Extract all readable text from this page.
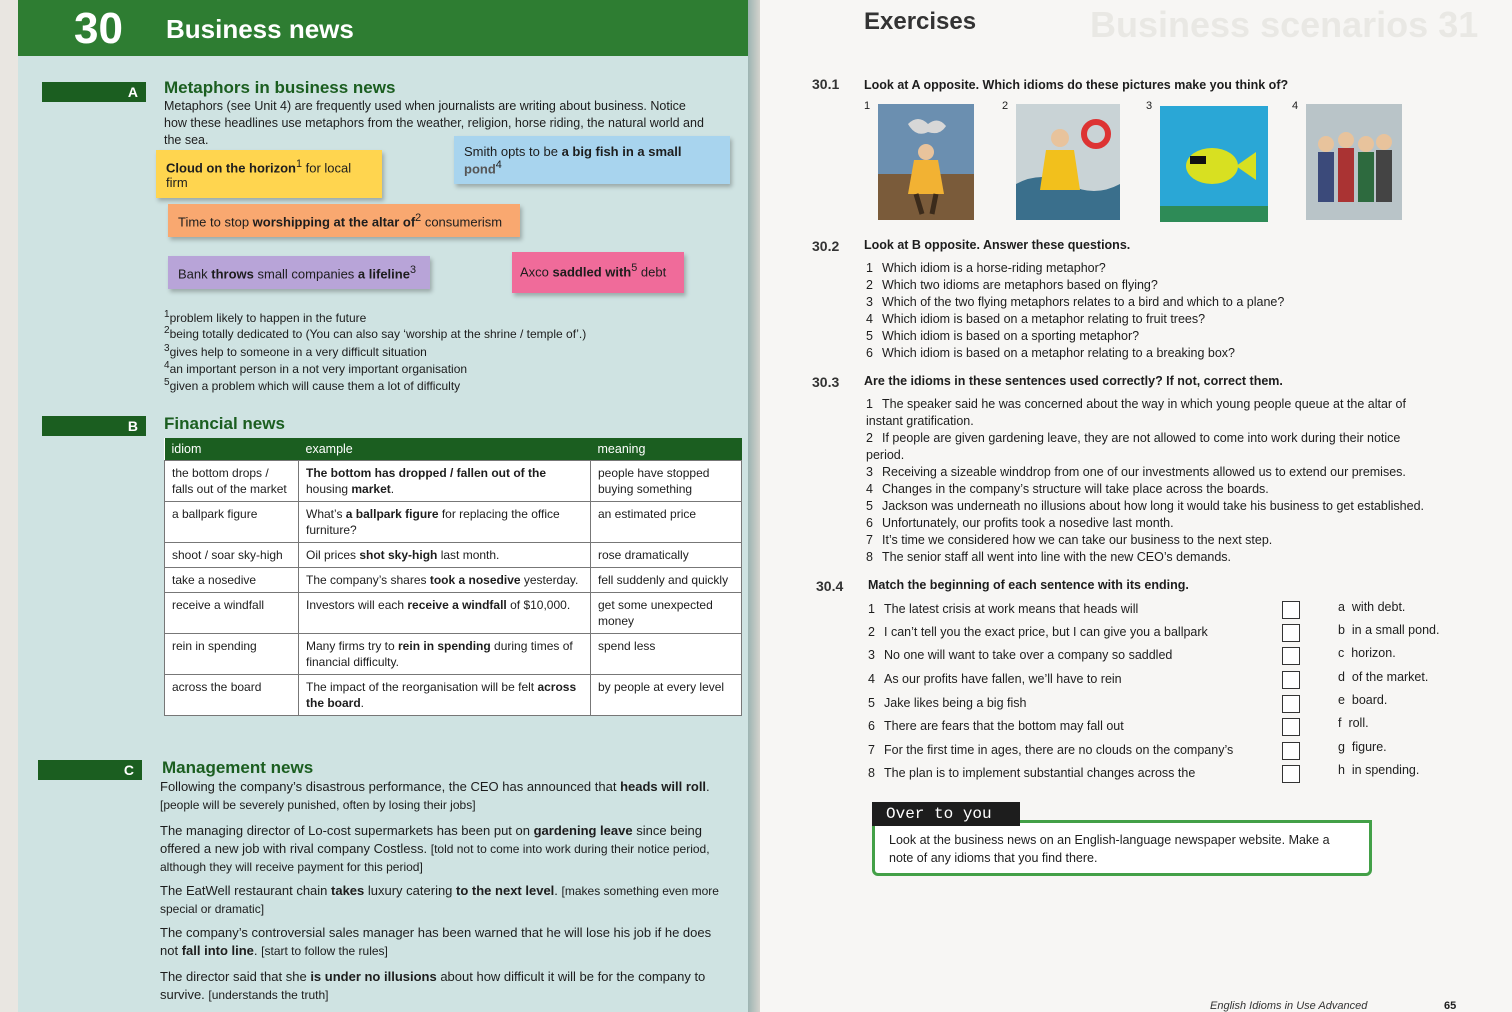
30 Business news
A	Metaphors in business news
Metaphors (see Unit 4) are frequently used when journalists are writing about business. Notice how these headlines use metaphors from the weather, religion, horse riding, the natural world and the sea.
Cloud on the horizon$^1$ for local firm
Smith opts to be a big fish in a small pond$^4$
Time to stop worshipping at the altar $of^2$ consumerism
Bank throws small companies a lifeline$^3$	Axco saddled with$^5$ debt
$^1$problem likely to happen in the future
$^2$being totally dedicated to (You can also say ‘worship at the shrine / temple of’.)
$^3$gives help to someone in a very difficult situation
$^4$an important person in a not very important organisation
$^5$given a problem which will cause them a lot of difficulty
B	Financial news
idiom	example	meaning
the bottom drops / falls out of the market	The bottom has dropped / fallen out of the housing market.	people have stopped buying something
a ballpark figure	What’s a ballpark figure for replacing the office furniture?	an estimated price
shoot / soar sky-high	Oil prices shot sky-high last month.	rose dramatically
take a nosedive	The company’s shares took a nosedive yesterday.	fell suddenly and quickly
receive a windfall	Investors will each receive a windfall of $10,000.	get some unexpected money
rein in spending	Many firms try to rein in spending during times of financial difficulty.	spend less
across the board	The impact of the reorganisation will be felt across the board.	by people at every level
C	Management news
Following the company’s disastrous performance, the CEO has announced that heads will roll. [people will be severely punished, often by losing their jobs]
The managing director of Lo-cost supermarkets has been put on gardening leave since being offered a new job with rival company Costless. [told not to come into work during their notice period, although they will receive payment for this period]
The EatWell restaurant chain takes luxury catering to the next level. [makes something even more special or dramatic]
The company’s controversial sales manager has been warned that he will lose his job if he does not fall into line. [start to follow the rules]
The director said that she is under no illusions about how difficult it will be for the company to survive. [understands the truth]
Business scenarios 31
Exercises
30.1 Look at A opposite. Which idioms do these pictures make you think of?
1	2	3	4
30.2 Look at B opposite. Answer these questions.
1 Which idiom is a horse-riding metaphor?
2 Which two idioms are metaphors based on flying?
3 Which of the two flying metaphors relates to a bird and which to a plane?
4 Which idiom is based on a metaphor relating to fruit trees?
5 Which idiom is based on a sporting metaphor?
6 Which idiom is based on a metaphor relating to a breaking box?
30.3 Are the idioms in these sentences used correctly? If not, correct them.
1 The speaker said he was concerned about the way in which young people queue at the altar of instant gratification.
2 If people are given gardening leave, they are not allowed to come into work during their notice period.
3 Receiving a sizeable winddrop from one of our investments allowed us to extend our premises.
4 Changes in the company’s structure will take place across the boards.
5 Jackson was underneath no illusions about how long it would take his business to get established.
6 Unfortunately, our profits took a nosedive last month.
7 It’s time we considered how we can take our business to the next step.
8 The senior staff all went into line with the new CEO’s demands.
30.4 Match the beginning of each sentence with its ending.
1 The latest crisis at work means that heads will
2 I can’t tell you the exact price, but I can give you a ballpark
3 No one will want to take over a company so saddled
4 As our profits have fallen, we’ll have to rein
5 Jake likes being a big fish
6 There are fears that the bottom may fall out
7 For the first time in ages, there are no clouds on the company’s
8 The plan is to implement substantial changes across the
a with debt.
b in a small pond.
c horizon.
d of the market.
e board.
f roll.
g figure.
h in spending.
Look at the business news on an English-language newspaper website. Make a note of any idioms that you find there.
Over to you
English Idioms in Use Advanced	65
